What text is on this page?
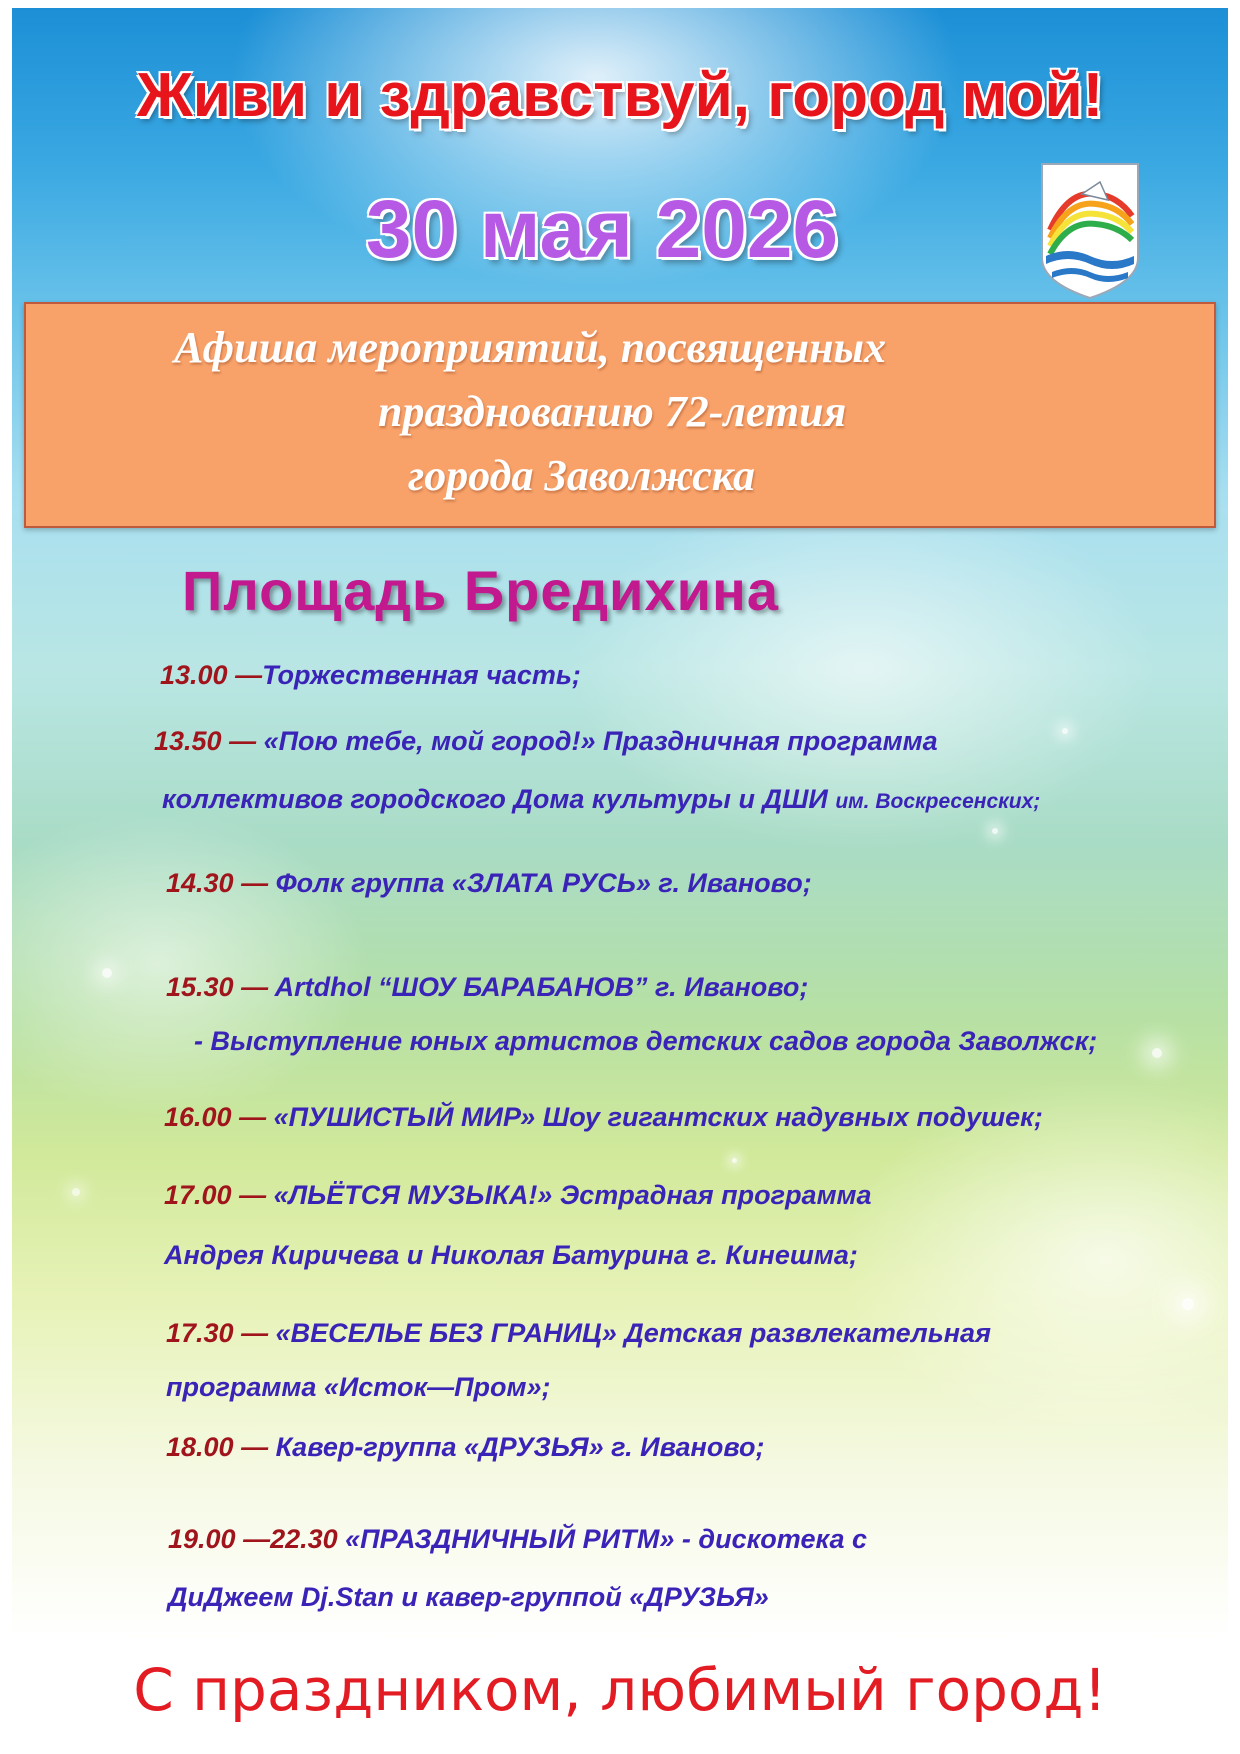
Живи и здравствуй, город мой!
30 мая 2026
Афиша мероприятий, посвященных
празднованию 72-летия
города Заволжска
Площадь Бредихина
13.00 —Торжественная часть;
13.50 — «Пою тебе, мой город!» Праздничная программа
коллективов городского Дома культуры и ДШИ им. Воскресенских;
14.30 — Фолк группа «ЗЛАТА РУСЬ» г. Иваново;
15.30 — Artdhol “ШОУ БАРАБАНОВ” г. Иваново;
- Выступление юных артистов детских садов города Заволжск;
16.00 — «ПУШИСТЫЙ МИР» Шоу гигантских надувных подушек;
17.00 — «ЛЬЁТСЯ МУЗЫКА!» Эстрадная программа
Андрея Киричева и Николая Батурина г. Кинешма;
17.30 — «ВЕСЕЛЬЕ БЕЗ ГРАНИЦ» Детская развлекательная
программа «Исток—Пром»;
18.00 — Кавер-группа «ДРУЗЬЯ» г. Иваново;
19.00 —22.30 «ПРАЗДНИЧНЫЙ РИТМ» - дискотека с
ДиДжеем Dj.Stan и кавер-группой «ДРУЗЬЯ»
С праздником, любимый город!
